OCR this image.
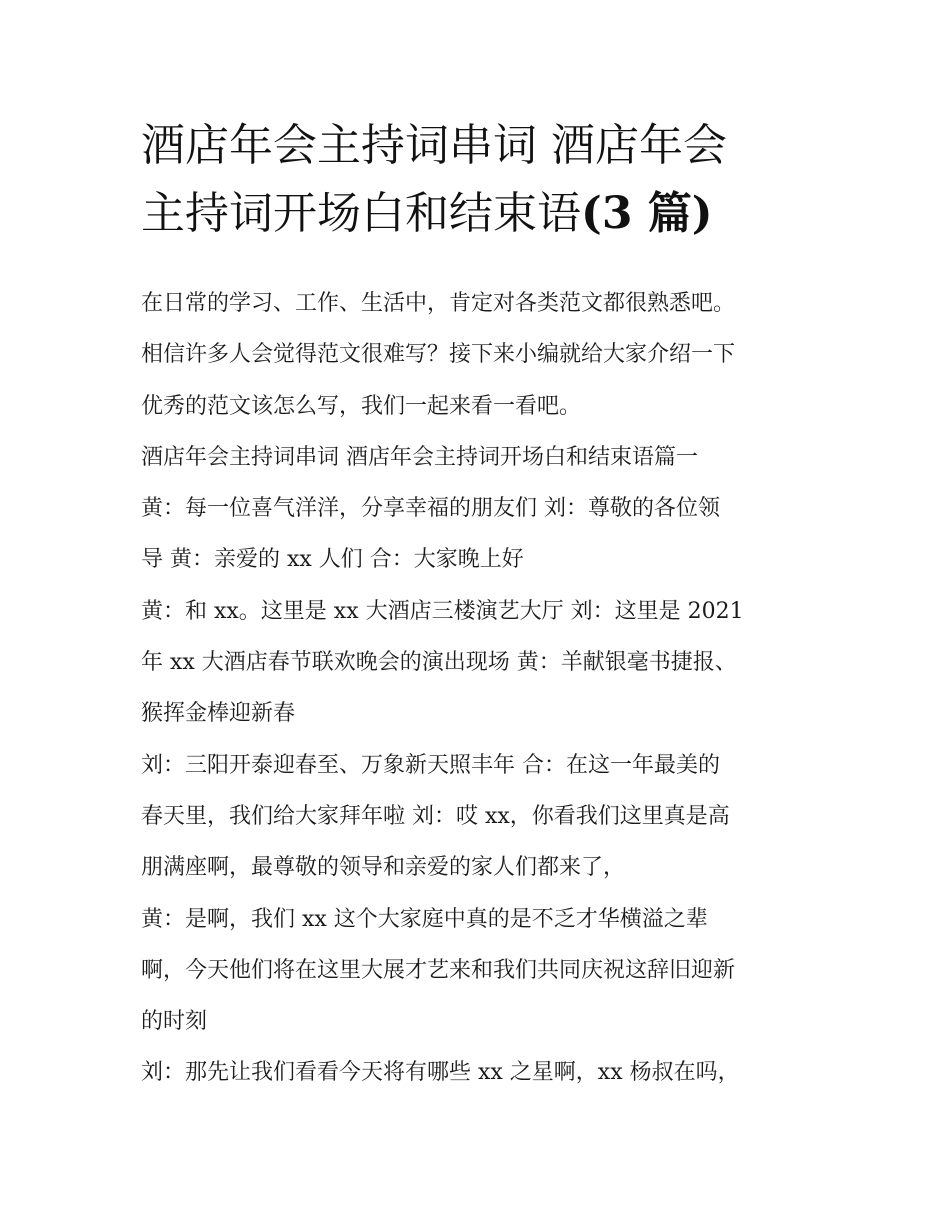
酒店年会主持词串词 酒店年会
主持词开场白和结束语(3 篇)
在日常的学习、工作、生活中，肯定对各类范文都很熟悉吧。
相信许多人会觉得范文很难写？接下来小编就给大家介绍一下
优秀的范文该怎么写，我们一起来看一看吧。
酒店年会主持词串词 酒店年会主持词开场白和结束语篇一
黄：每一位喜气洋洋，分享幸福的朋友们 刘：尊敬的各位领
导 黄：亲爱的 xx 人们 合：大家晚上好
黄：和 xx。这里是 xx 大酒店三楼演艺大厅 刘：这里是 2021
年 xx 大酒店春节联欢晚会的演出现场 黄：羊献银毫书捷报、
猴挥金棒迎新春
刘：三阳开泰迎春至、万象新天照丰年 合：在这一年最美的
春天里，我们给大家拜年啦 刘：哎 xx，你看我们这里真是高
朋满座啊，最尊敬的领导和亲爱的家人们都来了，
黄：是啊，我们 xx 这个大家庭中真的是不乏才华横溢之辈
啊，今天他们将在这里大展才艺来和我们共同庆祝这辞旧迎新
的时刻
刘：那先让我们看看今天将有哪些 xx 之星啊，xx 杨叔在吗，
